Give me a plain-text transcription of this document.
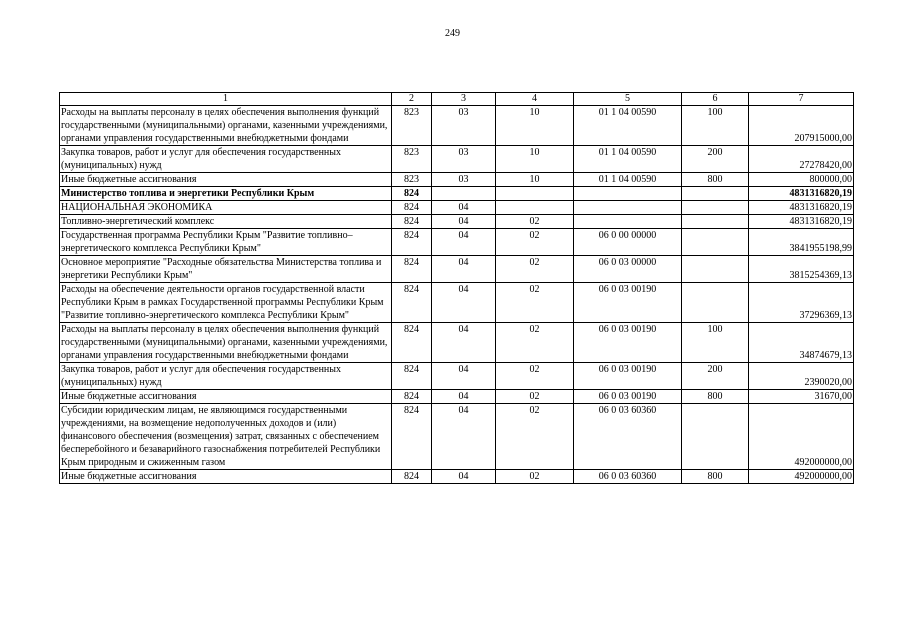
249
1	2	3	4	5	6	7
Расходы на выплаты персоналу в целях обеспечения выполнения функций государственными (муниципальными) органами, казенными учреждениями, органами управления государственными внебюджетными фондами	823	03	10	01 1 04 00590	100	207915000,00
Закупка товаров, работ и услуг для обеспечения государственных (муниципальных) нужд	823	03	10	01 1 04 00590	200	27278420,00
Иные бюджетные ассигнования	823	03	10	01 1 04 00590	800	800000,00
Министерство топлива и энергетики Республики Крым	824					4831316820,19
НАЦИОНАЛЬНАЯ ЭКОНОМИКА	824	04				4831316820,19
Топливно-энергетический комплекс	824	04	02			4831316820,19
Государственная программа Республики Крым "Развитие топливно–энергетического комплекса Республики Крым"	824	04	02	06 0 00 00000		3841955198,99
Основное мероприятие "Расходные обязательства Министерства топлива и энергетики Республики Крым"	824	04	02	06 0 03 00000		3815254369,13
Расходы на обеспечение деятельности органов государственной власти Республики Крым в рамках Государственной программы Республики Крым "Развитие топливно-энергетического комплекса Республики Крым"	824	04	02	06 0 03 00190		37296369,13
Расходы на выплаты персоналу в целях обеспечения выполнения функций государственными (муниципальными) органами, казенными учреждениями, органами управления государственными внебюджетными фондами	824	04	02	06 0 03 00190	100	34874679,13
Закупка товаров, работ и услуг для обеспечения государственных (муниципальных) нужд	824	04	02	06 0 03 00190	200	2390020,00
Иные бюджетные ассигнования	824	04	02	06 0 03 00190	800	31670,00
Субсидии юридическим лицам, не являющимся государственными учреждениями, на возмещение недополученных доходов и (или) финансового обеспечения (возмещения) затрат, связанных с обеспечением бесперебойного и безаварийного газоснабжения потребителей Республики Крым природным и сжиженным газом	824	04	02	06 0 03 60360		492000000,00
Иные бюджетные ассигнования	824	04	02	06 0 03 60360	800	492000000,00
